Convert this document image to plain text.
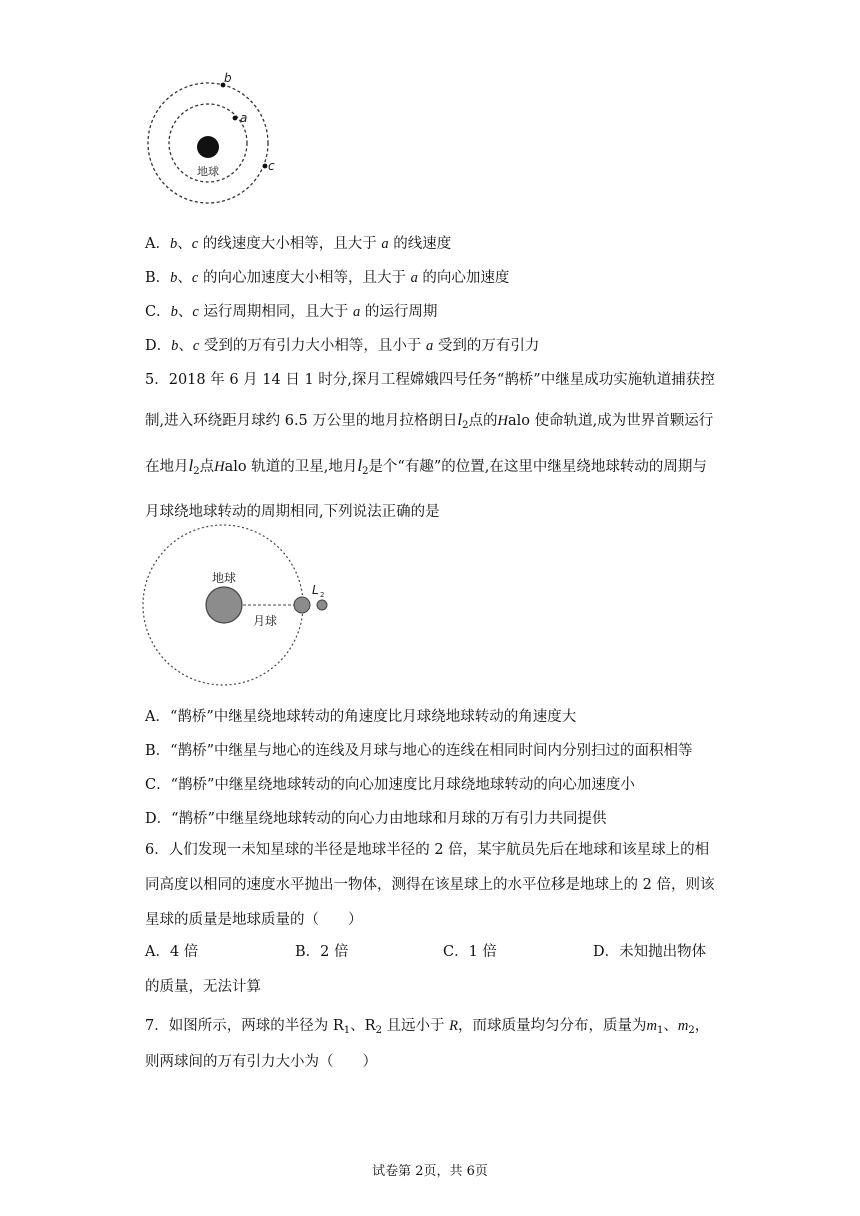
地球
a
b
c
A．b、c 的线速度大小相等，且大于 a 的线速度
B．b、c 的向心加速度大小相等，且大于 a 的向心加速度
C．b、c 运行周期相同，且大于 a 的运行周期
D．b、c 受到的万有引力大小相等，且小于 a 受到的万有引力
5．2018 年 6 月 14 日 1 时分,探月工程嫦娥四号任务“鹊桥”中继星成功实施轨道捕获控制,进入环绕距月球约 6.5 万公里的地月拉格朗日$l_2$点的Halo 使命轨道,成为世界首颗运行在地月$l_2$点Halo 轨道的卫星,地月$l_2$是个“有趣”的位置,在这里中继星绕地球转动的周期与月球绕地球转动的周期相同,下列说法正确的是
地球
月球
L 2
A．“鹊桥”中继星绕地球转动的角速度比月球绕地球转动的角速度大
B．“鹊桥”中继星与地心的连线及月球与地心的连线在相同时间内分别扫过的面积相等
C．“鹊桥”中继星绕地球转动的向心加速度比月球绕地球转动的向心加速度小
D．“鹊桥”中继星绕地球转动的向心力由地球和月球的万有引力共同提供
6．人们发现一未知星球的半径是地球半径的 2 倍，某宇航员先后在地球和该星球上的相同高度以相同的速度水平抛出一物体，测得在该星球上的水平位移是地球上的 2 倍，则该星球的质量是地球质量的（　　）
A．4 倍	B．2 倍	C．1 倍	D．未知抛出物体
的质量，无法计算
7．如图所示，两球的半径为 $R_1$、$R_2$ 且远小于 R，而球质量均匀分布，质量为$m_1$、$m_2$，
则两球间的万有引力大小为（　　）
试卷第 2页，共 6页
